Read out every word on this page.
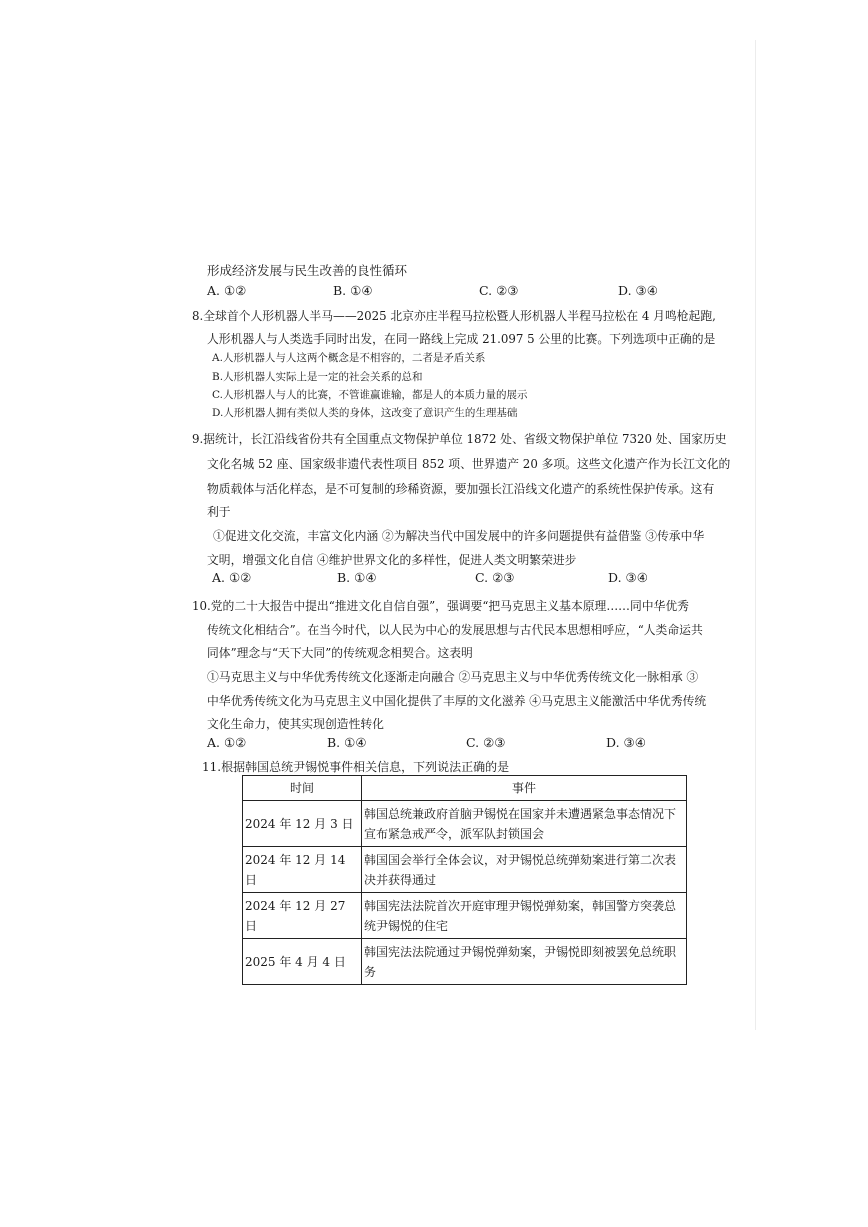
形成经济发展与民生改善的良性循环
A. ①②	B. ①④	C. ②③	D. ③④
8.全球首个人形机器人半马——2025 北京亦庄半程马拉松暨人形机器人半程马拉松在 4 月鸣枪起跑,
人形机器人与人类选手同时出发，在同一路线上完成 21.097 5 公里的比赛。下列选项中正确的是
A.人形机器人与人这两个概念是不相容的，二者是矛盾关系
B.人形机器人实际上是一定的社会关系的总和
C.人形机器人与人的比赛，不管谁赢谁输，都是人的本质力量的展示
D.人形机器人拥有类似人类的身体，这改变了意识产生的生理基础
9.据统计，长江沿线省份共有全国重点文物保护单位 1872 处、省级文物保护单位 7320 处、国家历史
文化名城 52 座、国家级非遗代表性项目 852 项、世界遗产 20 多项。这些文化遗产作为长江文化的
物质载体与活化样态，是不可复制的珍稀资源，要加强长江沿线文化遗产的系统性保护传承。这有
利于
①促进文化交流，丰富文化内涵 ②为解决当代中国发展中的许多问题提供有益借鉴 ③传承中华
文明，增强文化自信 ④维护世界文化的多样性，促进人类文明繁荣进步
A. ①②	B. ①④	C. ②③	D. ③④
10.党的二十大报告中提出“推进文化自信自强”，强调要“把马克思主义基本原理……同中华优秀
传统文化相结合”。在当今时代，以人民为中心的发展思想与古代民本思想相呼应，“人类命运共
同体”理念与“天下大同”的传统观念相契合。这表明
①马克思主义与中华优秀传统文化逐渐走向融合 ②马克思主义与中华优秀传统文化一脉相承 ③
中华优秀传统文化为马克思主义中国化提供了丰厚的文化滋养 ④马克思主义能激活中华优秀传统
文化生命力，使其实现创造性转化
A. ①②	B. ①④	C. ②③	D. ③④
11.根据韩国总统尹锡悦事件相关信息，下列说法正确的是
时间	事件
2024 年 12 月 3 日	韩国总统兼政府首脑尹锡悦在国家并未遭遇紧急事态情况下宣布紧急戒严令，派军队封锁国会
2024 年 12 月 14 日	韩国国会举行全体会议，对尹锡悦总统弹劾案进行第二次表决并获得通过
2024 年 12 月 27 日	韩国宪法法院首次开庭审理尹锡悦弹劾案，韩国警方突袭总统尹锡悦的住宅
2025 年 4 月 4 日	韩国宪法法院通过尹锡悦弹劾案，尹锡悦即刻被罢免总统职务
